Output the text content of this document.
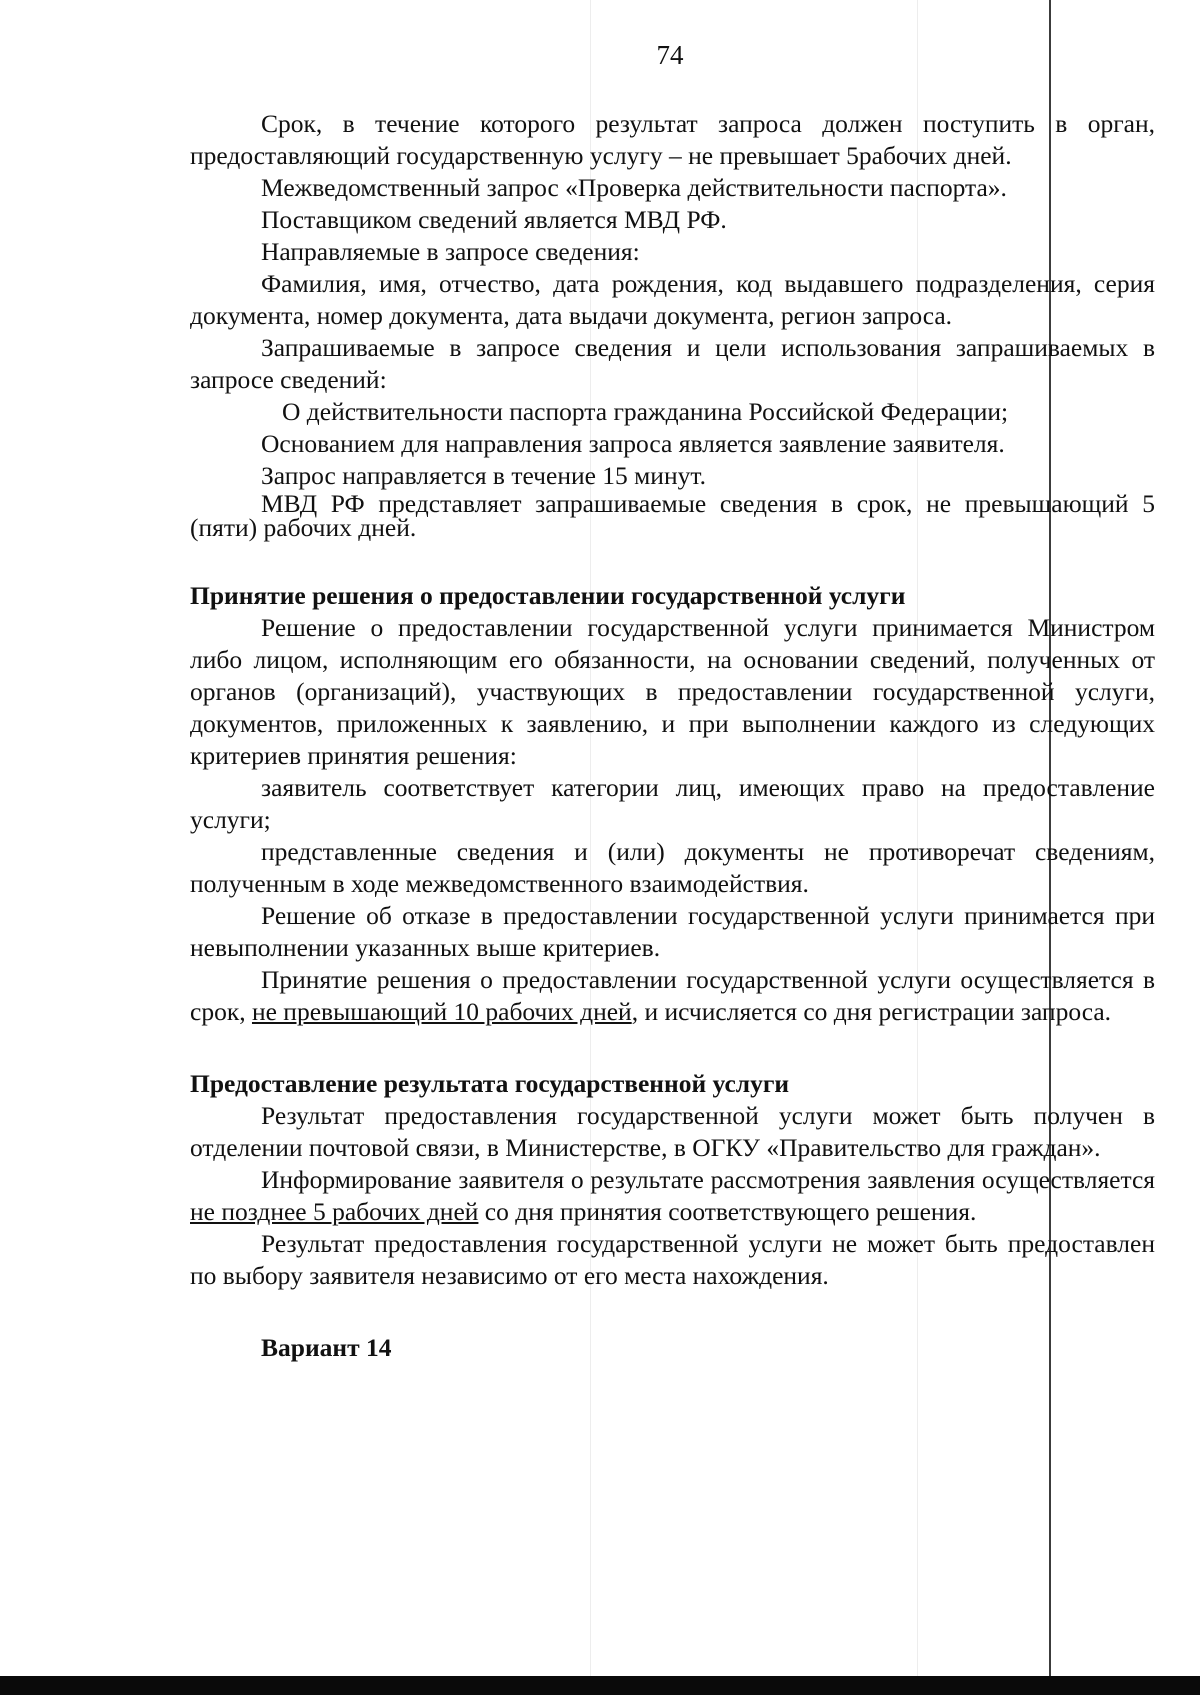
74

Срок, в течение которого результат запроса должен поступить в орган, предоставляющий государственную услугу – не превышает 5рабочих дней.

Межведомственный запрос «Проверка действительности паспорта».

Поставщиком сведений является МВД РФ.

Направляемые в запросе сведения:

Фамилия, имя, отчество, дата рождения, код выдавшего подразделения, серия документа, номер документа, дата выдачи документа, регион запроса.

Запрашиваемые в запросе сведения и цели использования запрашиваемых в запросе сведений:

О действительности паспорта гражданина Российской Федерации;

Основанием для направления запроса является заявление заявителя.

Запрос направляется в течение 15 минут.

МВД РФ представляет запрашиваемые сведения в срок, не превышающий 5 (пяти) рабочих дней.

Принятие решения о предоставлении государственной услуги

Решение о предоставлении государственной услуги принимается Министром либо лицом, исполняющим его обязанности, на основании сведений, полученных от органов (организаций), участвующих в предоставлении государственной услуги, документов, приложенных к заявлению, и при выполнении каждого из следующих критериев принятия решения:

заявитель соответствует категории лиц, имеющих право на предоставление услуги;

представленные сведения и (или) документы не противоречат сведениям, полученным в ходе межведомственного взаимодействия.

Решение об отказе в предоставлении государственной услуги принимается при невыполнении указанных выше критериев.

Принятие решения о предоставлении государственной услуги осуществляется в срок, не превышающий 10 рабочих дней, и исчисляется со дня регистрации запроса.

Предоставление результата государственной услуги

Результат предоставления государственной услуги может быть получен в отделении почтовой связи, в Министерстве, в ОГКУ «Правительство для граждан».

Информирование заявителя о результате рассмотрения заявления осуществляется не позднее 5 рабочих дней со дня принятия соответствующего решения.

Результат предоставления государственной услуги не может быть предоставлен по выбору заявителя независимо от его места нахождения.

Вариант 14
